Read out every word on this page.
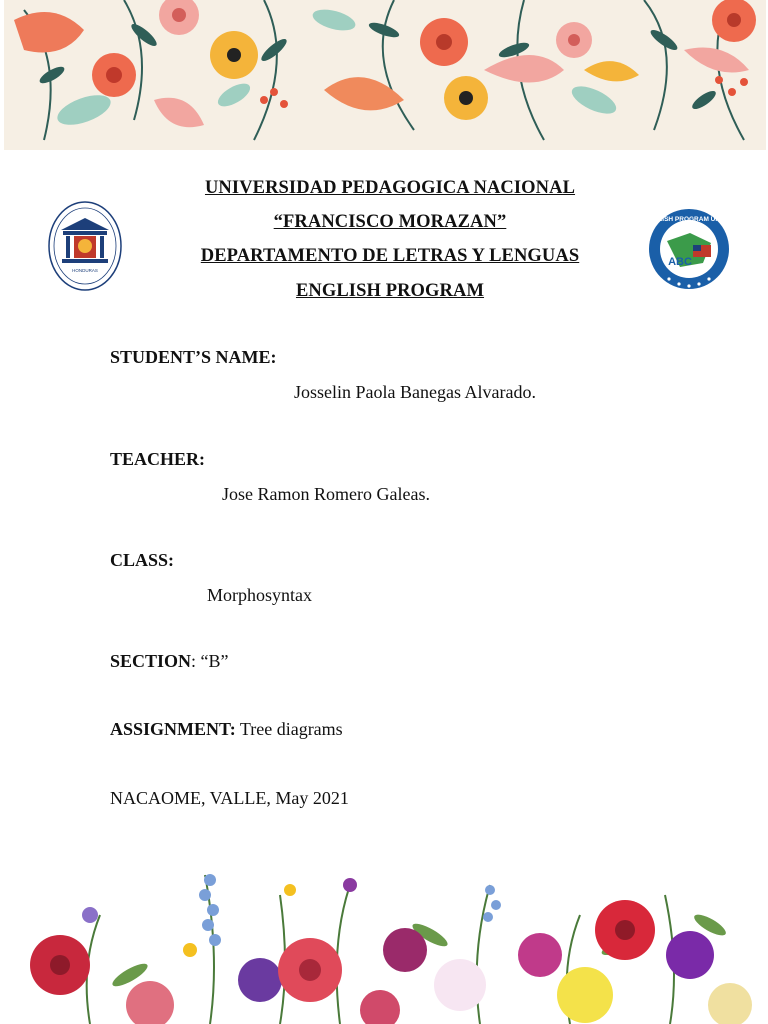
UNIVERSIDAD PEDAGOGICA NACIONAL
“FRANCISCO MORAZAN”
DEPARTAMENTO DE LETRAS Y LENGUAS
ENGLISH PROGRAM
HONDURAS
ABC
ENGLISH PROGRAM UPNFM
STUDENT’S NAME:
Josselin Paola Banegas Alvarado.
TEACHER:
Jose Ramon Romero Galeas.
CLASS:
Morphosyntax
SECTION: “B”
ASSIGNMENT: Tree diagrams
NACAOME, VALLE, May 2021
